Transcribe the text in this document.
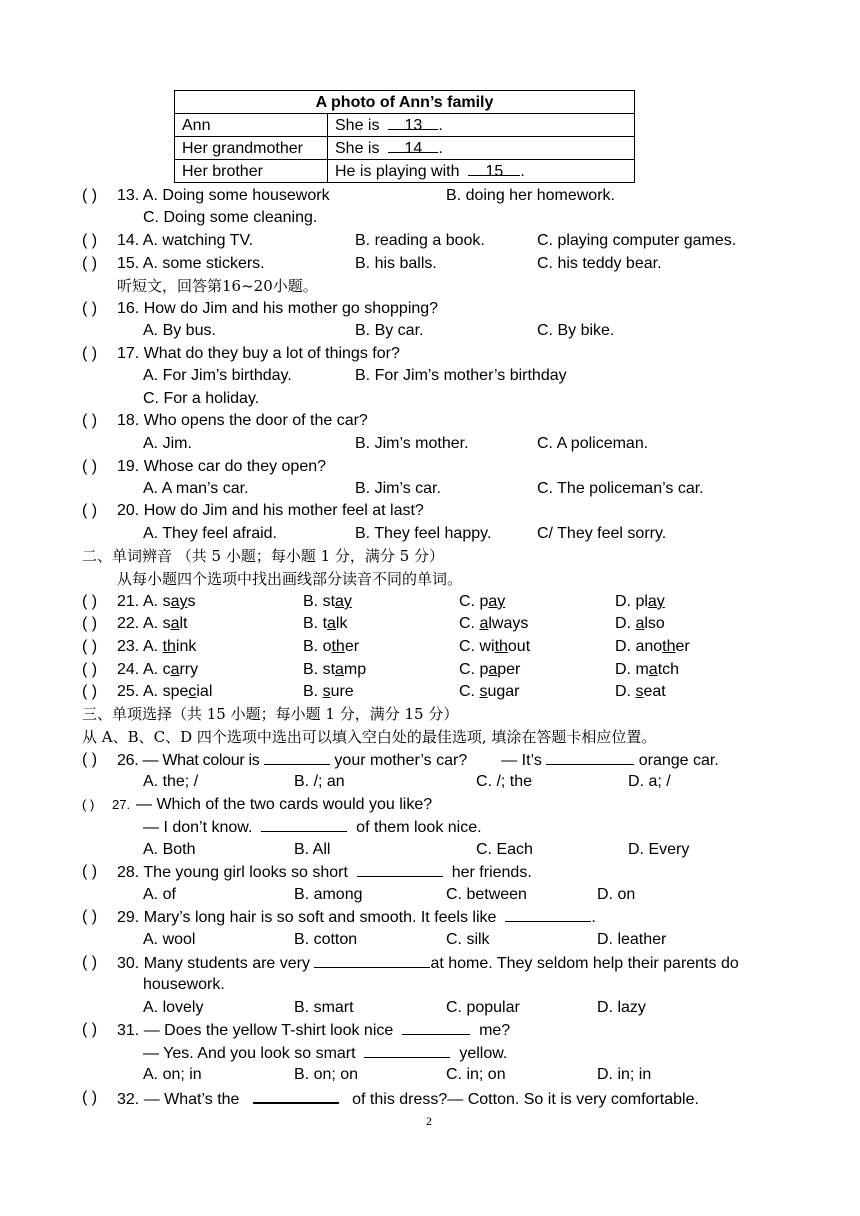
A photo of Ann’s family	
Ann	She is 13 .
Her grandmother	She is 14 .
Her brother	He is playing with 15 .
( ) 13. A. Doing some housework	B. doing her homework.
C. Doing some cleaning.
( ) 14. A. watching TV.	B. reading a book.	C. playing computer games.
( ) 15. A. some stickers.	B. his balls.	C. his teddy bear.
听短文，回答第16~20小题。
( ) 16. How do Jim and his mother go shopping?
A. By bus.	B. By car.	C. By bike.
( ) 17. What do they buy a lot of things for?
A. For Jim’s birthday.	B. For Jim’s mother’s birthday
C. For a holiday.
( ) 18. Who opens the door of the car?
A. Jim.	B. Jim’s mother.	C. A policeman.
( ) 19. Whose car do they open?
A. A man’s car.	B. Jim’s car.	C. The policeman’s car.
( ) 20. How do Jim and his mother feel at last?
A. They feel afraid.	B. They feel happy.	C/ They feel sorry.
二、单词辨音 （共 5 小题；每小题 1 分，满分 5 分）
从每小题四个选项中找出画线部分读音不同的单词。
( ) 21. A. says	B. stay	C. pay	D. play
( ) 22. A. salt	B. talk	C. always	D. also
( ) 23. A. think	B. other	C. without	D. another
( ) 24. A. carry	B. stamp	C. paper	D. match
( ) 25. A. special	B. sure	C. sugar	D. seat
三、单项选择（共 15 小题；每小题 1 分，满分 15 分）
从 A、B、C、D 四个选项中选出可以填入空白处的最佳选项, 填涂在答题卡相应位置。
( ) 26. — What colour is	your mother’s car? — It’s	orange car.
A. the; /	B. /; an	C. /; the	D. a; /
( ) 27. — Which of the two cards would you like?
— I don’t know.	of them look nice.
A. Both	B. All	C. Each	D. Every
( ) 28. The young girl looks so short	her friends.
A. of	B. among	C. between	D. on
( ) 29. Mary’s long hair is so soft and smooth. It feels like	.
A. wool	B. cotton	C. silk	D. leather
( ) 30. Many students are very	at home. They seldom help their parents do
housework.
A. lovely	B. smart	C. popular	D. lazy
( ) 31. — Does the yellow T-shirt look nice	me?
— Yes. And you look so smart	yellow.
A. on; in	B. on; on	C. in; on	D. in; in
( ) 32. — What’s the	of this dress?— Cotton. So it is very comfortable.
2
